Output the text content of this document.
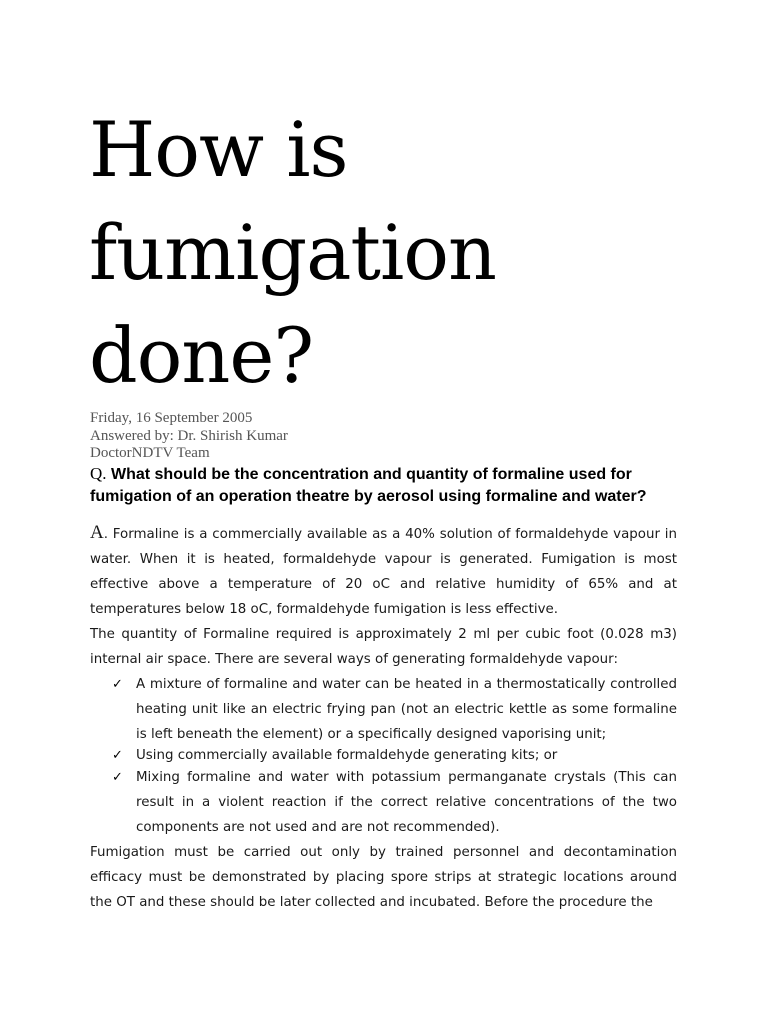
How is fumigation done?
Friday, 16 September 2005
Answered by: Dr. Shirish Kumar
DoctorNDTV Team
Q. What should be the concentration and quantity of formaline used for fumigation of an operation theatre by aerosol using formaline and water?

A. Formaline is a commercially available as a 40% solution of formaldehyde vapour in water. When it is heated, formaldehyde vapour is generated. Fumigation is most effective above a temperature of 20 oC and relative humidity of 65% and at temperatures below 18 oC, formaldehyde fumigation is less effective.

The quantity of Formaline required is approximately 2 ml per cubic foot (0.028 m3) internal air space. There are several ways of generating formaldehyde vapour:

✓ A mixture of formaline and water can be heated in a thermostatically controlled heating unit like an electric frying pan (not an electric kettle as some formaline is left beneath the element) or a specifically designed vaporising unit;
✓ Using commercially available formaldehyde generating kits; or
✓ Mixing formaline and water with potassium permanganate crystals (This can result in a violent reaction if the correct relative concentrations of the two components are not used and are not recommended).

Fumigation must be carried out only by trained personnel and decontamination efficacy must be demonstrated by placing spore strips at strategic locations around the OT and these should be later collected and incubated. Before the procedure the
